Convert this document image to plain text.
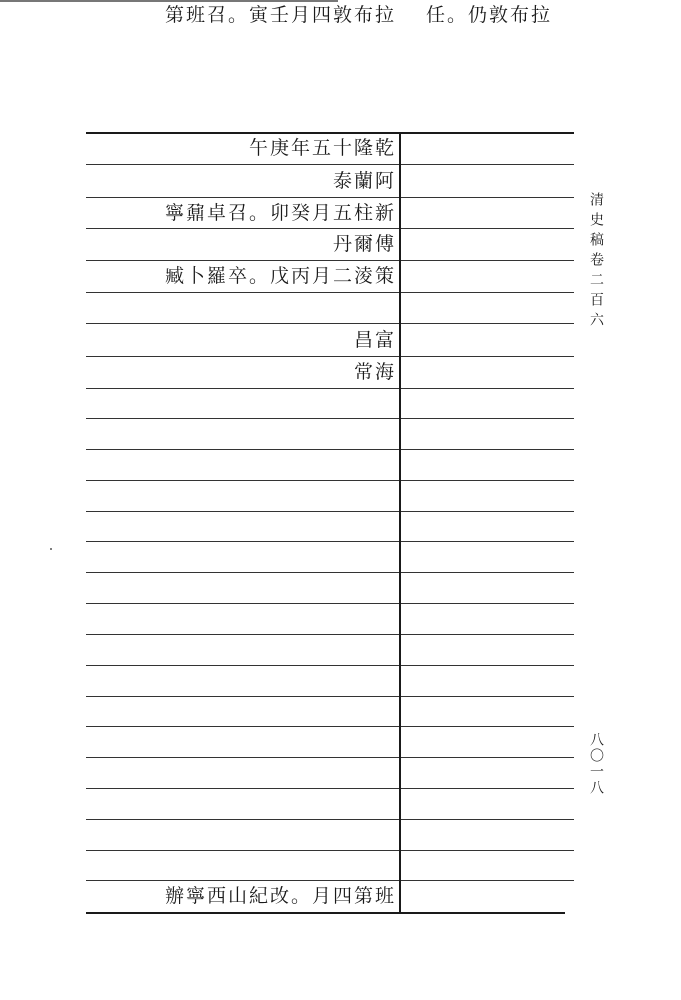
午庚年五十隆乾
泰蘭阿
寧鼐卓召。卯癸月五柱新
丹爾傅
臧卜羅卒。戊丙月二淩策
昌富
常海
辦寧西山紀改。月四第班
第班召。寅壬月四敦布拉	任。仍敦布拉
清史稿卷二百六
八〇一八
